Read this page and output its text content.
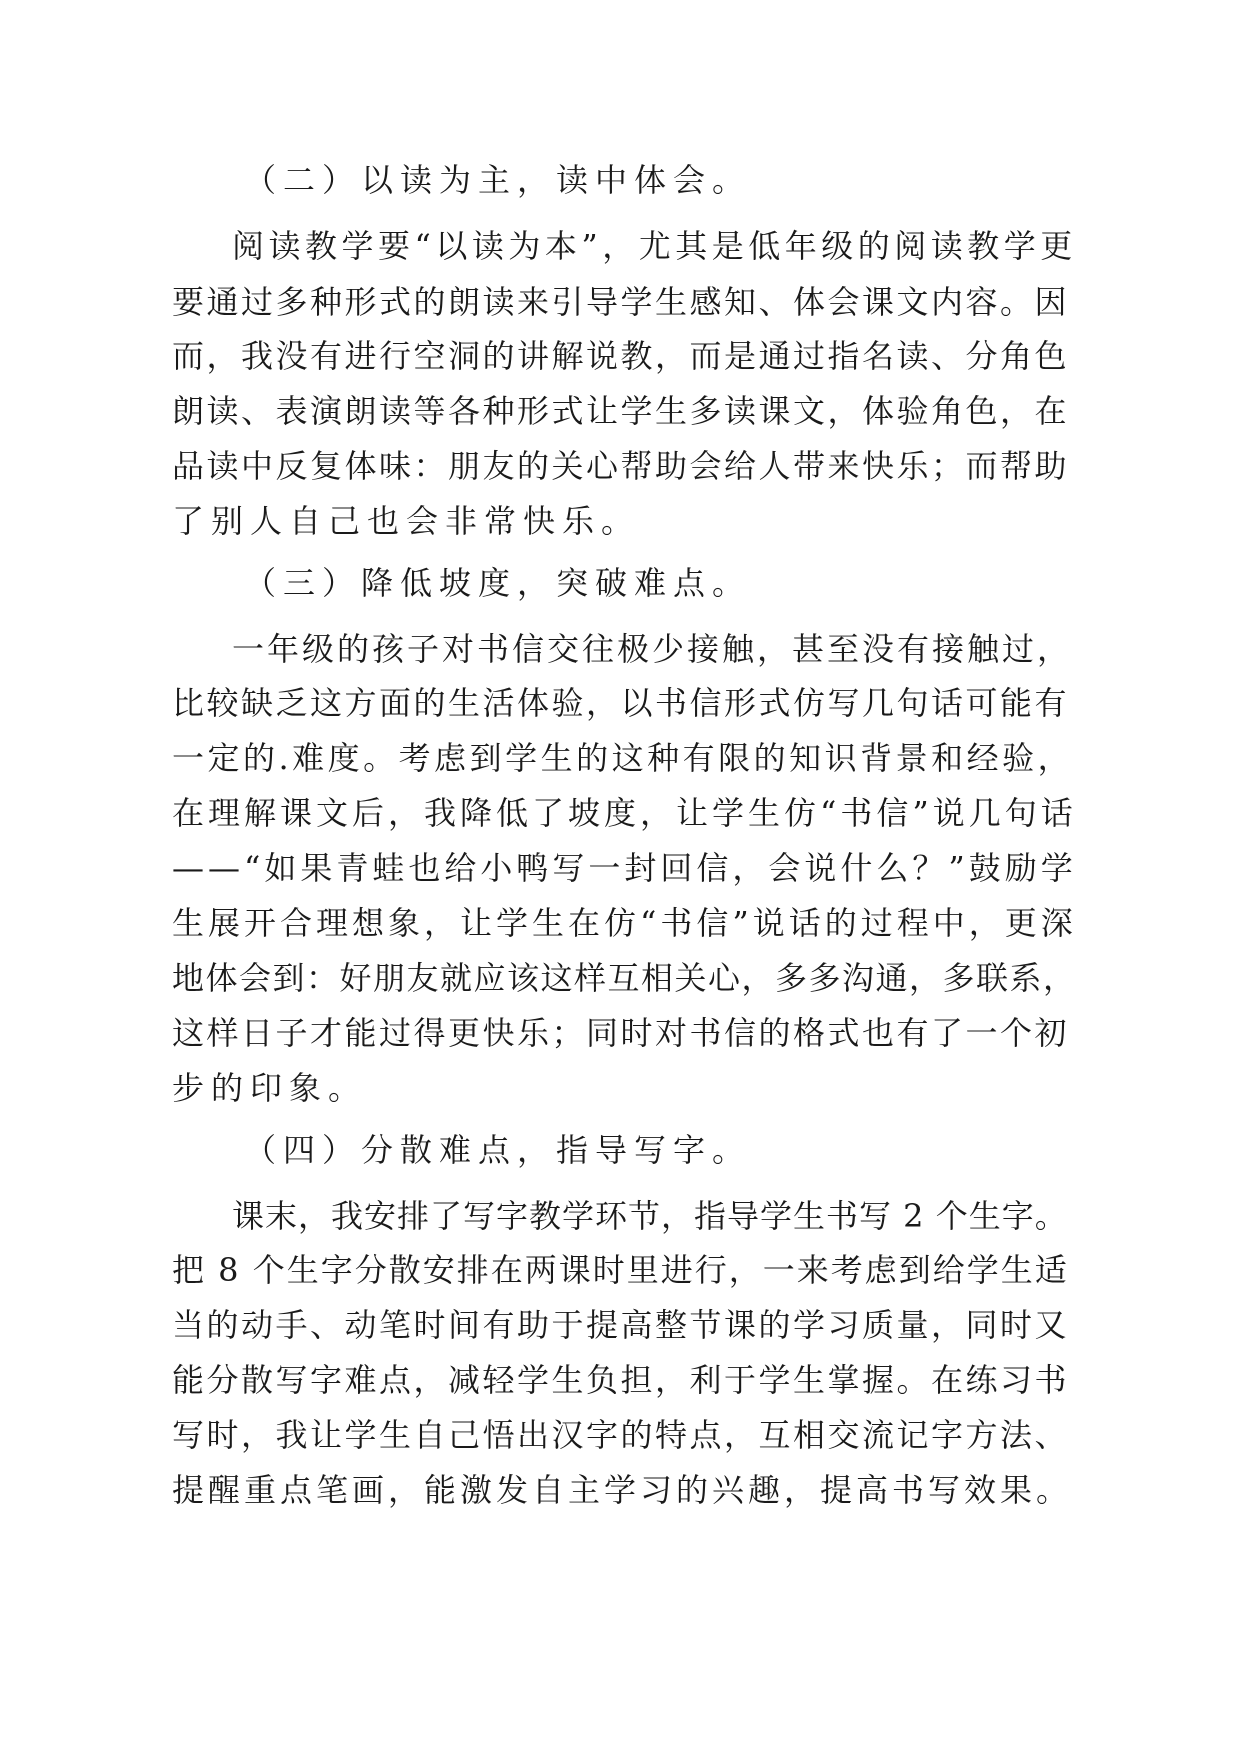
（二）以读为主，读中体会。
阅读教学要“以读为本”，尤其是低年级的阅读教学更
要通过多种形式的朗读来引导学生感知、体会课文内容。因
而，我没有进行空洞的讲解说教，而是通过指名读、分角色
朗读、表演朗读等各种形式让学生多读课文，体验角色，在
品读中反复体味：朋友的关心帮助会给人带来快乐；而帮助
了别人自己也会非常快乐。
（三）降低坡度，突破难点。
一年级的孩子对书信交往极少接触，甚至没有接触过，
比较缺乏这方面的生活体验，以书信形式仿写几句话可能有
一定的.难度。考虑到学生的这种有限的知识背景和经验，
在理解课文后，我降低了坡度，让学生仿“书信”说几句话
——“如果青蛙也给小鸭写一封回信，会说什么？”鼓励学
生展开合理想象，让学生在仿“书信”说话的过程中，更深
地体会到：好朋友就应该这样互相关心，多多沟通，多联系，
这样日子才能过得更快乐；同时对书信的格式也有了一个初
步的印象。
（四）分散难点，指导写字。
课末，我安排了写字教学环节，指导学生书写 2 个生字。
把 8 个生字分散安排在两课时里进行，一来考虑到给学生适
当的动手、动笔时间有助于提高整节课的学习质量，同时又
能分散写字难点，减轻学生负担，利于学生掌握。在练习书
写时，我让学生自己悟出汉字的特点，互相交流记字方法、
提醒重点笔画，能激发自主学习的兴趣，提高书写效果。
